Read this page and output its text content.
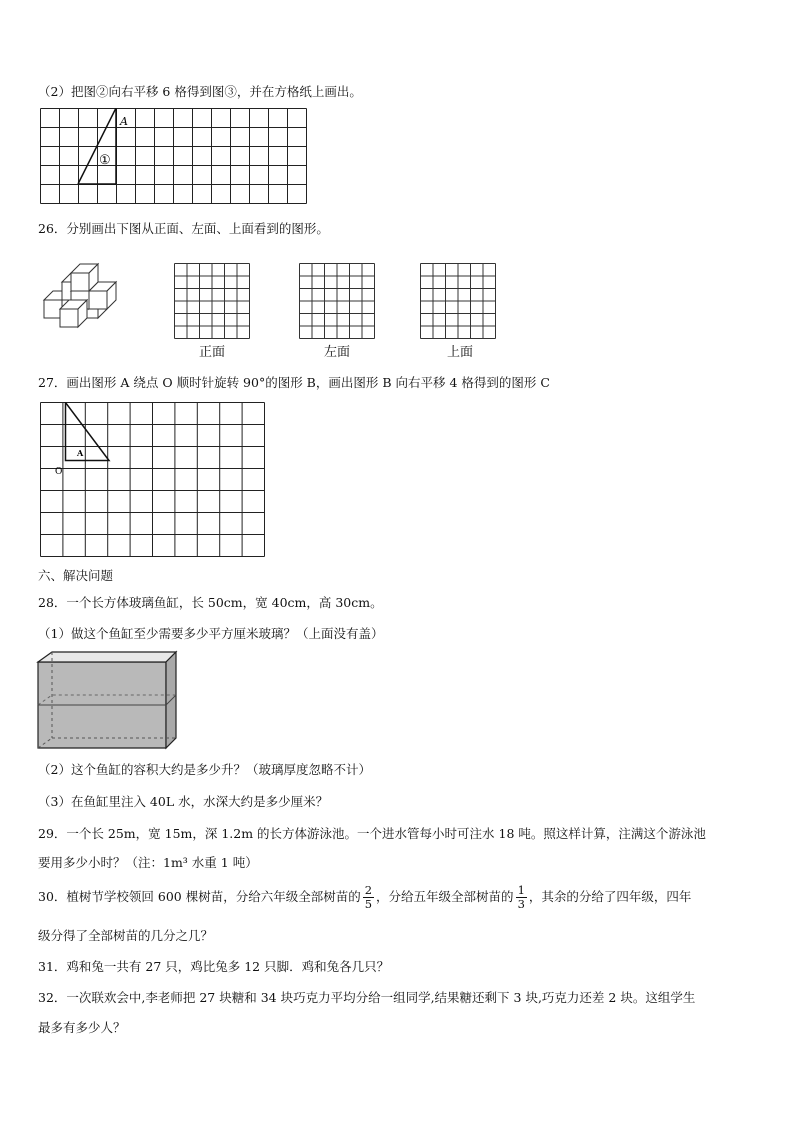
（2）把图②向右平移 6 格得到图③，并在方格纸上画出。
A
①
26．分别画出下图从正面、左面、上面看到的图形。
正面	左面	上面
27．画出图形 A 绕点 O 顺时针旋转 90°的图形 B，画出图形 B 向右平移 4 格得到的图形 C
A
O
六、解决问题
28．一个长方体玻璃鱼缸，长 50cm，宽 40cm，高 30cm。
（1）做这个鱼缸至少需要多少平方厘米玻璃？（上面没有盖）
（2）这个鱼缸的容积大约是多少升？（玻璃厚度忽略不计）
（3）在鱼缸里注入 40L 水，水深大约是多少厘米？
29．一个长 25m，宽 15m，深 1.2m 的长方体游泳池。一个进水管每小时可注水 18 吨。照这样计算，注满这个游泳池
要用多少小时？（注：1m³ 水重 1 吨）
30．植树节学校领回 600 棵树苗，分给六年级全部树苗的 $\frac{2}{5}$ ，分给五年级全部树苗的 $\frac{1}{3}$ ，其余的分给了四年级，四年
级分得了全部树苗的几分之几？
31．鸡和兔一共有 27 只，鸡比兔多 12 只脚．鸡和兔各几只？
32．一次联欢会中,李老师把 27 块糖和 34 块巧克力平均分给一组同学,结果糖还剩下 3 块,巧克力还差 2 块。这组学生
最多有多少人？
